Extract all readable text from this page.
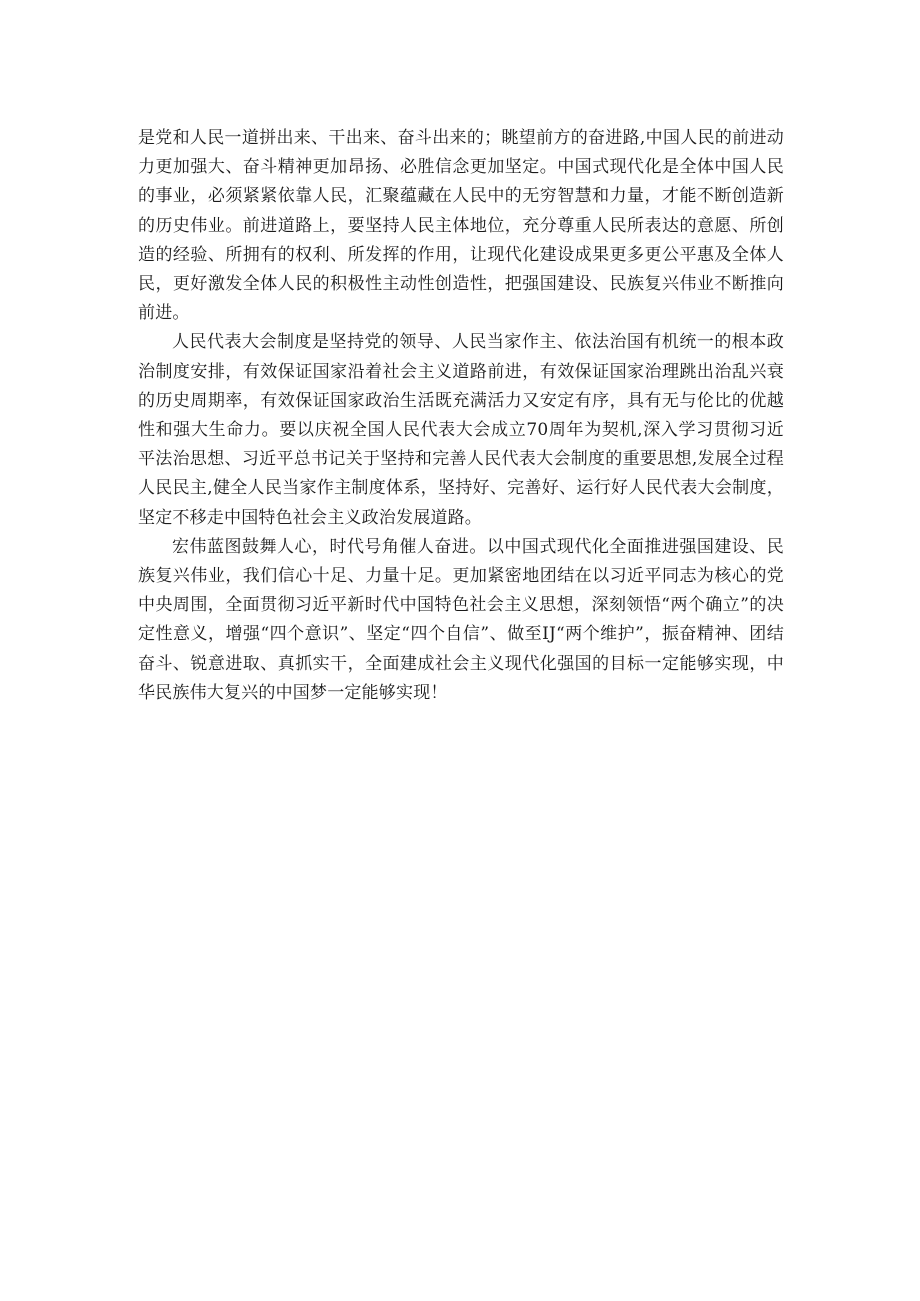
是党和人民一道拼出来、干出来、奋斗出来的；眺望前方的奋进路,中国人民的前进动力更加强大、奋斗精神更加昂扬、必胜信念更加坚定。中国式现代化是全体中国人民的事业，必须紧紧依靠人民，汇聚蕴藏在人民中的无穷智慧和力量，才能不断创造新的历史伟业。前进道路上，要坚持人民主体地位，充分尊重人民所表达的意愿、所创造的经验、所拥有的权利、所发挥的作用，让现代化建设成果更多更公平惠及全体人民，更好激发全体人民的积极性主动性创造性，把强国建设、民族复兴伟业不断推向前进。

人民代表大会制度是坚持党的领导、人民当家作主、依法治国有机统一的根本政治制度安排，有效保证国家沿着社会主义道路前进，有效保证国家治理跳出治乱兴衰的历史周期率，有效保证国家政治生活既充满活力又安定有序，具有无与伦比的优越性和强大生命力。要以庆祝全国人民代表大会成立70周年为契机,深入学习贯彻习近平法治思想、习近平总书记关于坚持和完善人民代表大会制度的重要思想,发展全过程人民民主,健全人民当家作主制度体系，坚持好、完善好、运行好人民代表大会制度，坚定不移走中国特色社会主义政治发展道路。

宏伟蓝图鼓舞人心，时代号角催人奋进。以中国式现代化全面推进强国建设、民族复兴伟业，我们信心十足、力量十足。更加紧密地团结在以习近平同志为核心的党中央周围，全面贯彻习近平新时代中国特色社会主义思想，深刻领悟“两个确立”的决定性意义，增强“四个意识”、坚定“四个自信”、做至IJ“两个维护”，振奋精神、团结奋斗、锐意进取、真抓实干，全面建成社会主义现代化强国的目标一定能够实现，中华民族伟大复兴的中国梦一定能够实现！
